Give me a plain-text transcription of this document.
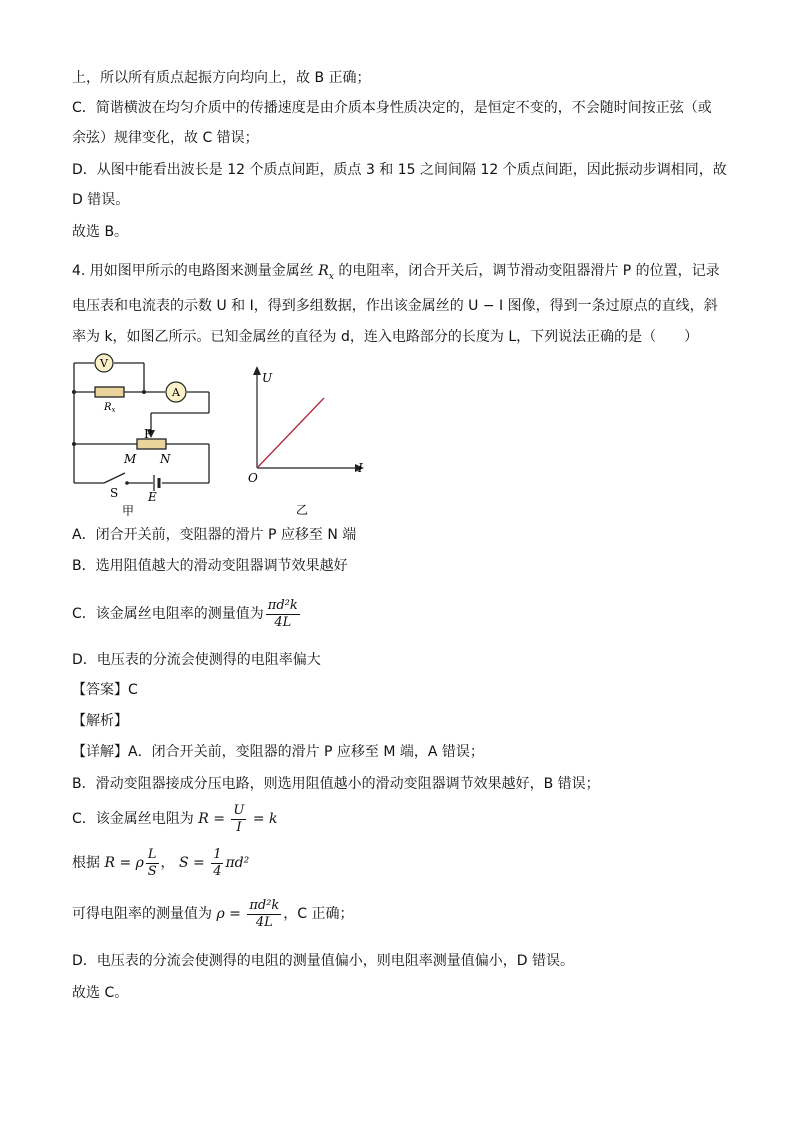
上，所以所有质点起振方向均向上，故 B 正确；
C．简谐横波在均匀介质中的传播速度是由介质本身性质决定的，是恒定不变的，不会随时间按正弦（或
余弦）规律变化，故 C 错误；
D．从图中能看出波长是 12 个质点间距，质点 3 和 15 之间间隔 12 个质点间距，因此振动步调相同，故
D 错误。
故选 B。
4. 用如图甲所示的电路图来测量金属丝 $R_x$ 的电阻率，闭合开关后，调节滑动变阻器滑片 P 的位置，记录
电压表和电流表的示数 U 和 I，得到多组数据，作出该金属丝的 U − I 图像，得到一条过原点的直线，斜
率为 k，如图乙所示。已知金属丝的直径为 d，连入电路部分的长度为 L，下列说法正确的是（　　）
V
A
$R_x$
P
M N
S E
甲
U
I
O
乙
A．闭合开关前，变阻器的滑片 P 应移至 N 端
B．选用阻值越大的滑动变阻器调节效果越好
C．该金属丝电阻率的测量值为 $\frac{\text{πd²k}}{4L}$
D．电压表的分流会使测得的电阻率偏大
【答案】C
【解析】
【详解】A．闭合开关前，变阻器的滑片 P 应移至 M 端，A 错误；
B．滑动变阻器接成分压电路，则选用阻值越小的滑动变阻器调节效果越好，B 错误；
C．该金属丝电阻为 $R = \frac{U}{I} = k$
根据 R = ρ $\frac{L}{S}$ ， $S = \frac{1}{4} \pi d^2$
可得电阻率的测量值为 $\rho = \frac{\text{πd²k}}{4L}$ ，C 正确；
D．电压表的分流会使测得的电阻的测量值偏小，则电阻率测量值偏小，D 错误。
故选 C。
